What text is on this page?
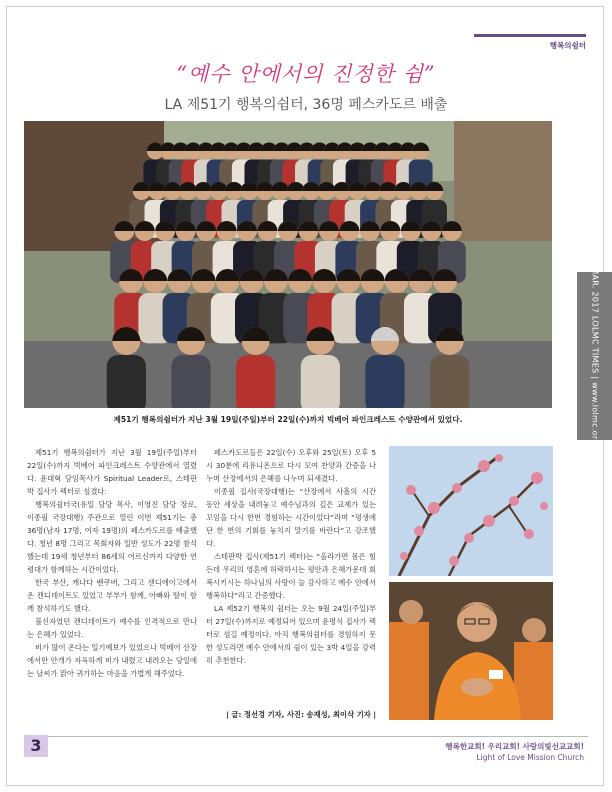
행복의쉼터
“예수 안에서의 진정한 쉼”
LA 제51기 행복의쉼터, 36명 페스카도르 배출
제51기 행복의쉼터가 지난 3월 19일(주일)부터 22일(수)까지 빅베어 파인크레스트 수양관에서 있었다.	MAR. 2017 LOLMC TIMES | www.lolmc.org

제51기 행복의쉼터가 지난 3월 19일(주일)부터 22일(수)까지 빅베어 파인크레스트 수양관에서 열렸다. 윤대혁 담임목사가 Spiritual Leader로, 스테판 박 집사가 렉터로 섬겼다.

행복의쉼터국(유일 담당 목사, 이영진 담당 장로, 이종필 국장대행) 주관으로 열린 이번 제51기는 총 36명(남자 17명, 여자 19명)의 페스카도르를 배출했다. 청년 8명 그리고 목회자와 일반 성도가 22명 참석했는데 19세 청년부터 86세의 어르신까지 다양한 연령대가 함께하는 시간이었다.

한국 부산, 캐나다 밴쿠버, 그리고 샌디에이고에서 온 캔디데이트도 있었고 부부가 함께, 아빠와 딸이 함께 참석하기도 했다.

불신자였던 캔디데이트가 예수를 인격적으로 만나는 은혜가 있었다.

비가 많이 온다는 일기예보가 있었으나 빅베어 산장에서만 안개가 자욱하게 비가 내렸고 내려오는 당일에는 날씨가 맑아 귀가하는 마음을 가볍게 해주었다.

페스카도르들은 22일(수) 오후와 25일(토) 오후 5시 30분에 리유니온으로 다시 모여 찬양과 간증을 나누며 산장에서의 은혜를 나누며 되새겼다.

이종필 집사(국장대행)는 “산장에서 사흘의 시간 동안 세상을 내려놓고 예수님과의 깊은 교제가 있는 꼬임을 다시 한번 경험하는 시간이었다”라며 “평생에 단 한 번의 기회를 놓치지 말기를 바란다”고 강조했다.

스테판박 집사(제51기 렉터)는 “올라가면 몸은 힘든데 우리의 영혼에 허락하시는 평안과 은혜가운데 회복시키시는 하나님의 사랑이 늘 감사하고 예수 안에서 행복하다”라고 간증했다.

LA 제52기 행복의 쉼터는 오는 9월 24일(주일)부터 27일(수)까지로 예정되어 있으며 윤명식 집사가 렉터로 섬길 예정이다. 아직 행복의쉼터를 경험하지 못한 성도라면 예수 안에서의 쉼이 있는 3박 4일을 강력히 추천한다.

| 글: 정선경 기자, 사진: 송재성, 최이삭 기자 |
3	행복한교회! 우리교회! 사랑의빛선교교회!
Light of Love Mission Church
